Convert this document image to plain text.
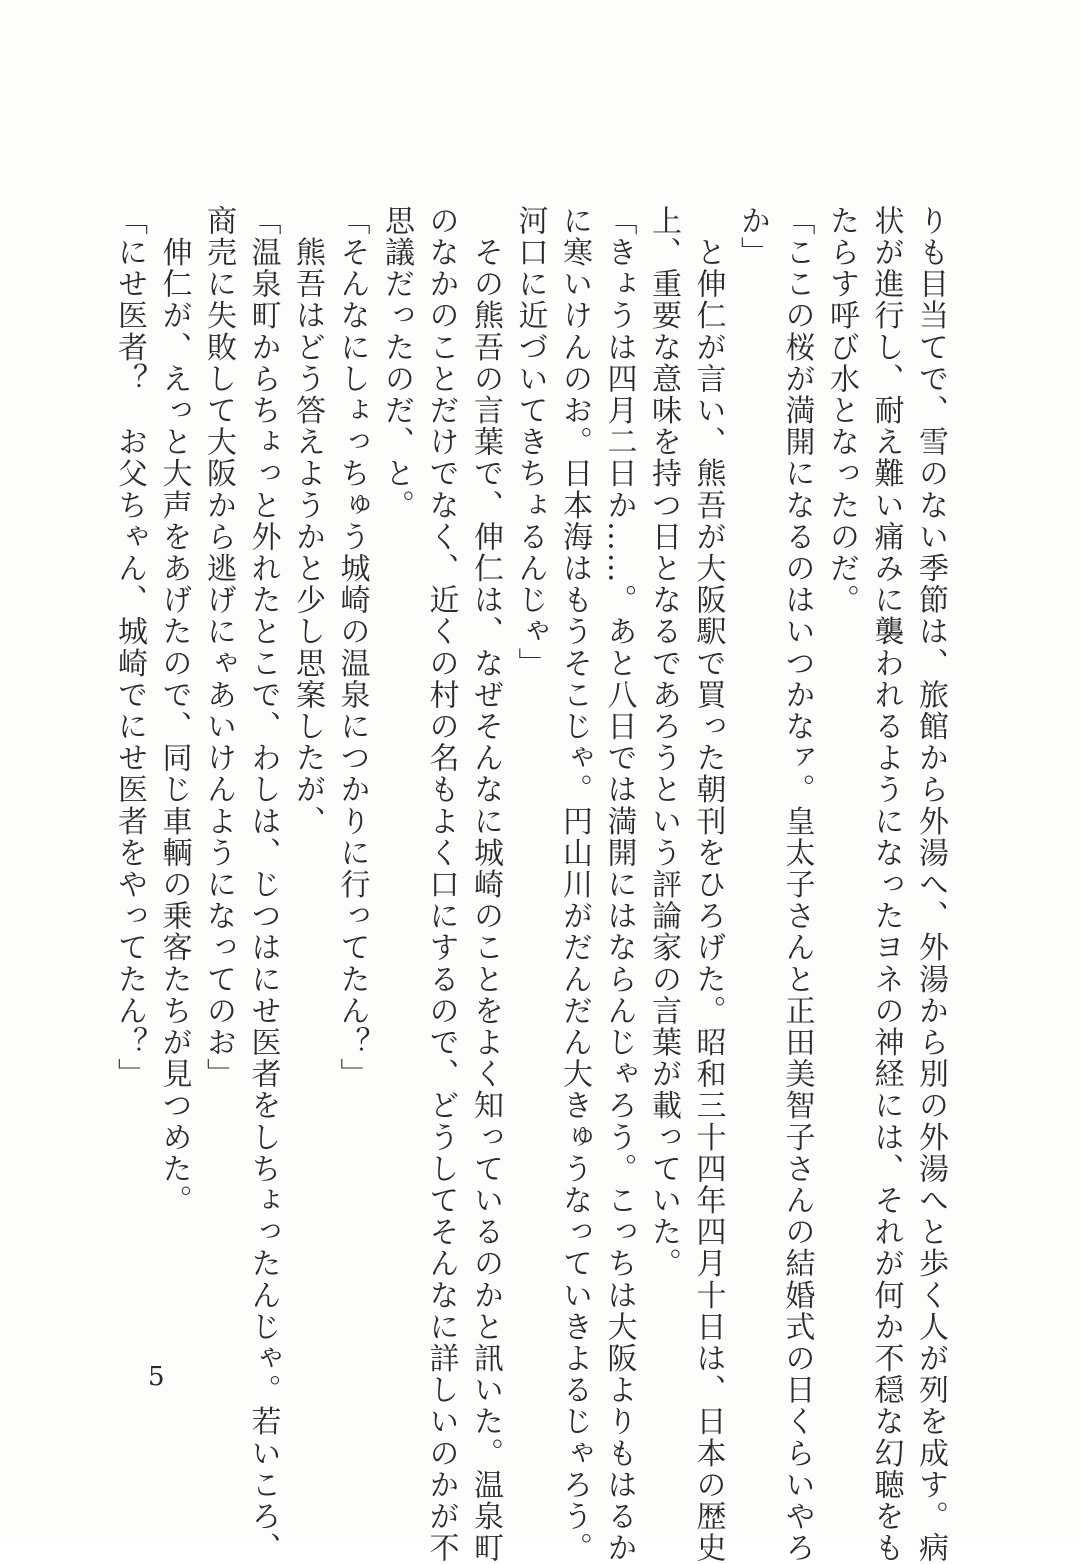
りも目当てで、雪のない季節は、旅館から外湯へ、外湯から別の外湯へと歩く人が列を成す。病
状が進行し、耐え難い痛みに襲われるようになったヨネの神経には、それが何か不穏な幻聴をも
たらす呼び水となったのだ。
「ここの桜が満開になるのはいつかなァ。皇太子さんと正田美智子さんの結婚式の日くらいやろ
か」
　と伸仁が言い、熊吾が大阪駅で買った朝刊をひろげた。昭和三十四年四月十日は、日本の歴史
上、重要な意味を持つ日となるであろうという評論家の言葉が載っていた。
「きょうは四月二日か……。あと八日では満開にはならんじゃろう。こっちは大阪よりもはるか
に寒いけんのお。日本海はもうそこじゃ。円山川がだんだん大きゅうなっていきよるじゃろう。
河口に近づいてきちょるんじゃ」
　その熊吾の言葉で、伸仁は、なぜそんなに城崎のことをよく知っているのかと訊いた。温泉町
のなかのことだけでなく、近くの村の名もよく口にするので、どうしてそんなに詳しいのかが不
思議だったのだ、と。
「そんなにしょっちゅう城崎の温泉につかりに行ってたん？」
　熊吾はどう答えようかと少し思案したが、
「温泉町からちょっと外れたとこで、わしは、じつはにせ医者をしちょったんじゃ。若いころ、
商売に失敗して大阪から逃げにゃあいけんようになってのお」
　伸仁が、えっと大声をあげたので、同じ車輌の乗客たちが見つめた。
「にせ医者？　お父ちゃん、城崎でにせ医者をやってたん？」
5
